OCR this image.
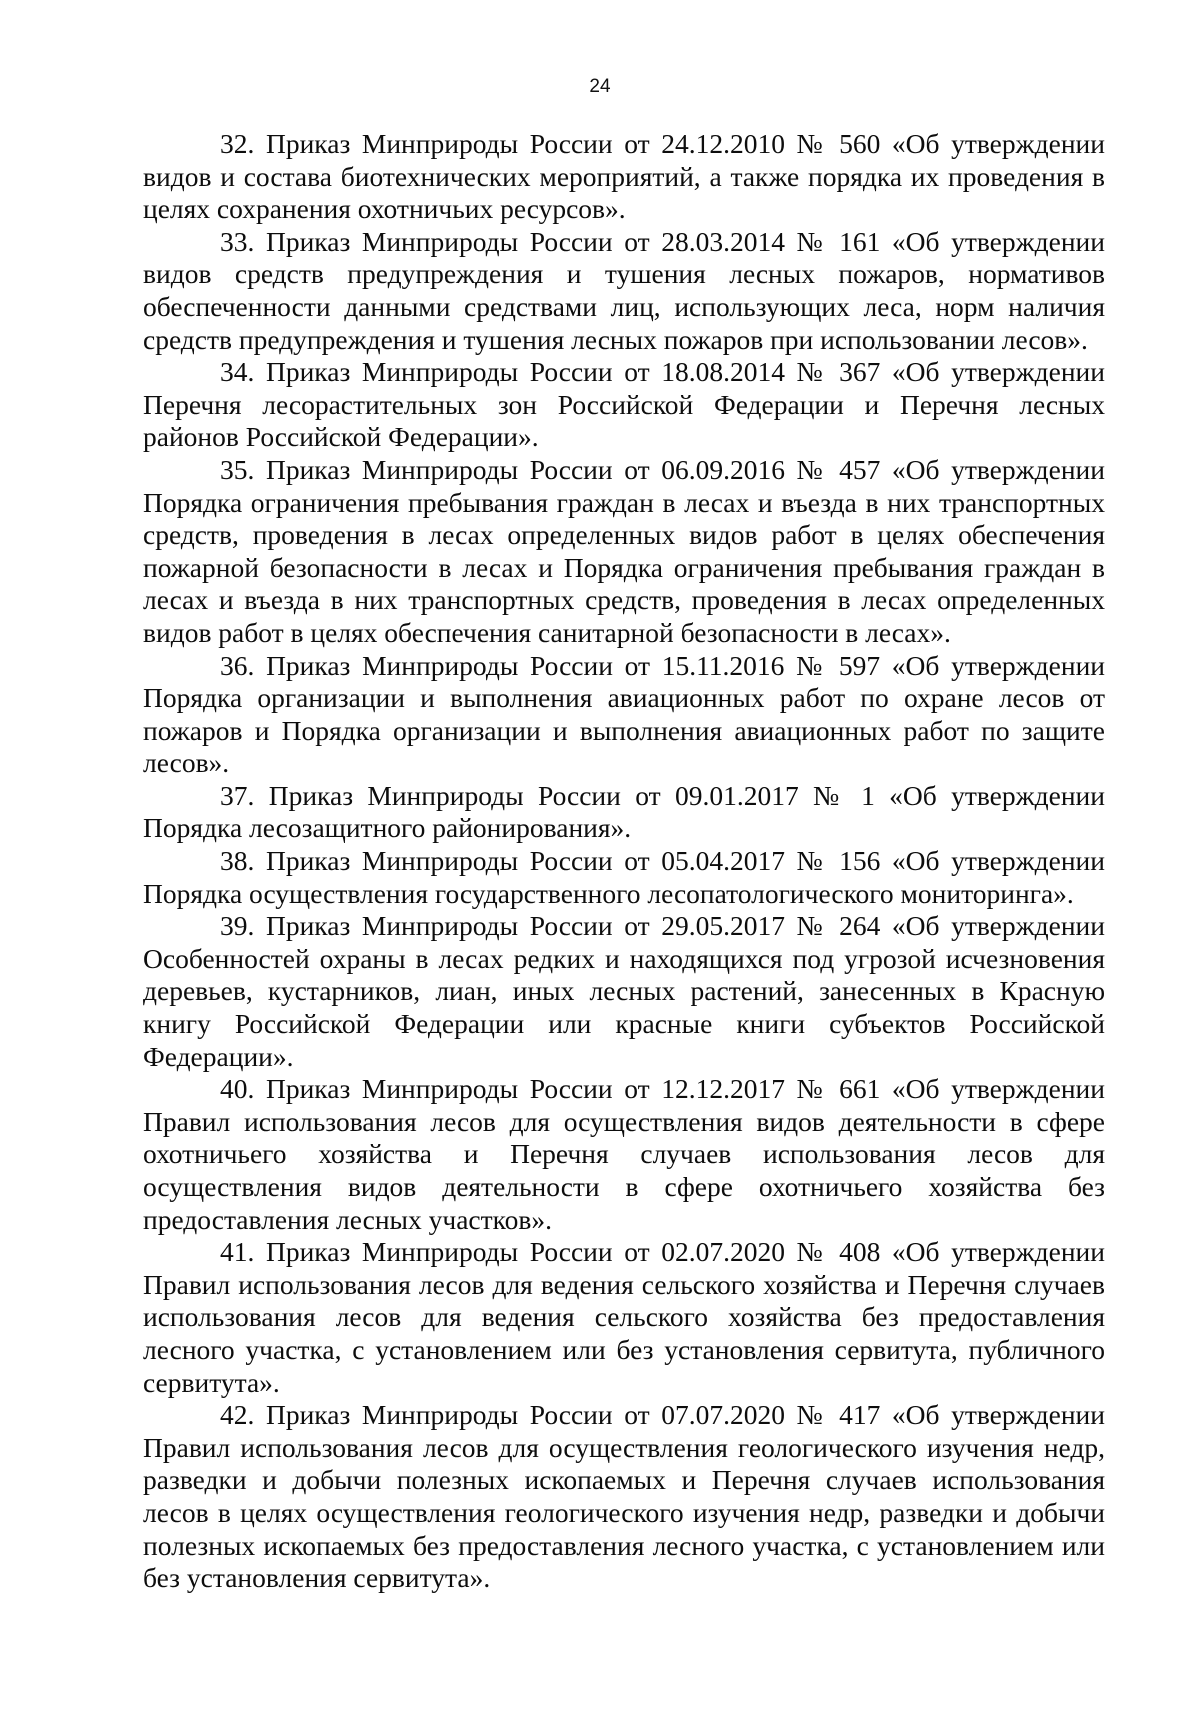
24

32. Приказ Минприроды России от 24.12.2010 № 560 «Об утверждении видов и состава биотехнических мероприятий, а также порядка их проведения в целях сохранения охотничьих ресурсов».

33. Приказ Минприроды России от 28.03.2014 № 161 «Об утверждении видов средств предупреждения и тушения лесных пожаров, нормативов обеспеченности данными средствами лиц, использующих леса, норм наличия средств предупреждения и тушения лесных пожаров при использовании лесов».

34. Приказ Минприроды России от 18.08.2014 № 367 «Об утверждении Перечня лесорастительных зон Российской Федерации и Перечня лесных районов Российской Федерации».

35. Приказ Минприроды России от 06.09.2016 № 457 «Об утверждении Порядка ограничения пребывания граждан в лесах и въезда в них транспортных средств, проведения в лесах определенных видов работ в целях обеспечения пожарной безопасности в лесах и Порядка ограничения пребывания граждан в лесах и въезда в них транспортных средств, проведения в лесах определенных видов работ в целях обеспечения санитарной безопасности в лесах».

36. Приказ Минприроды России от 15.11.2016 № 597 «Об утверждении Порядка организации и выполнения авиационных работ по охране лесов от пожаров и Порядка организации и выполнения авиационных работ по защите лесов».

37. Приказ Минприроды России от 09.01.2017 № 1 «Об утверждении Порядка лесозащитного районирования».

38. Приказ Минприроды России от 05.04.2017 № 156 «Об утверждении Порядка осуществления государственного лесопатологического мониторинга».

39. Приказ Минприроды России от 29.05.2017 № 264 «Об утверждении Особенностей охраны в лесах редких и находящихся под угрозой исчезновения деревьев, кустарников, лиан, иных лесных растений, занесенных в Красную книгу Российской Федерации или красные книги субъектов Российской Федерации».

40. Приказ Минприроды России от 12.12.2017 № 661 «Об утверждении Правил использования лесов для осуществления видов деятельности в сфере охотничьего хозяйства и Перечня случаев использования лесов для осуществления видов деятельности в сфере охотничьего хозяйства без предоставления лесных участков».

41. Приказ Минприроды России от 02.07.2020 № 408 «Об утверждении Правил использования лесов для ведения сельского хозяйства и Перечня случаев использования лесов для ведения сельского хозяйства без предоставления лесного участка, с установлением или без установления сервитута, публичного сервитута».

42. Приказ Минприроды России от 07.07.2020 № 417 «Об утверждении Правил использования лесов для осуществления геологического изучения недр, разведки и добычи полезных ископаемых и Перечня случаев использования лесов в целях осуществления геологического изучения недр, разведки и добычи полезных ископаемых без предоставления лесного участка, с установлением или без установления сервитута».
